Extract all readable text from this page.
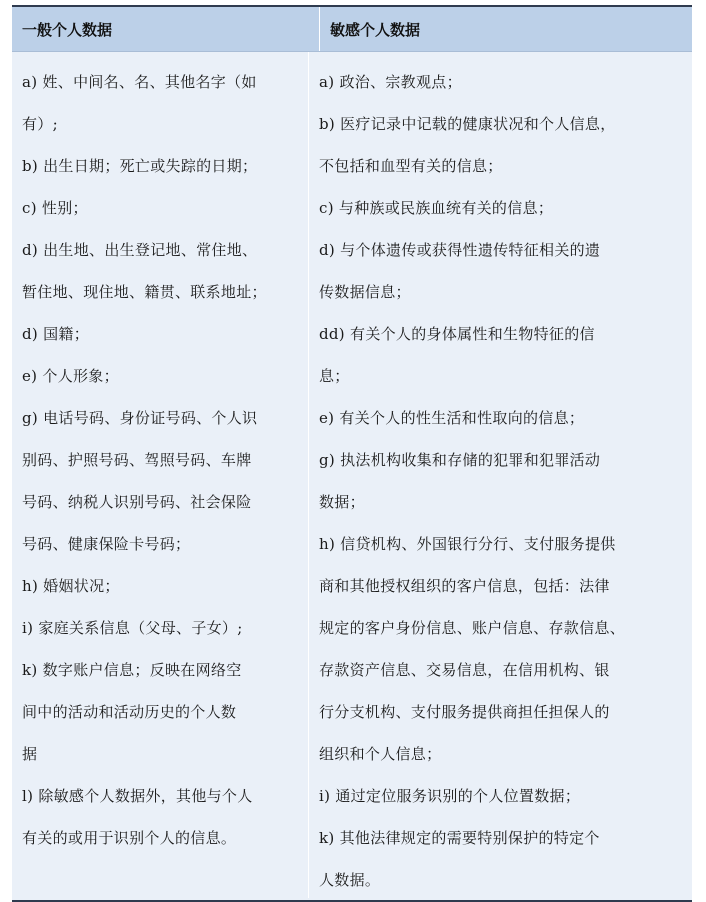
一般个人数据	敏感个人数据
a) 姓、中间名、名、其他名字（如
有）;
b) 出生日期；死亡或失踪的日期；
c) 性别；
d) 出生地、出生登记地、常住地、
暂住地、现住地、籍贯、联系地址；
d) 国籍；
e) 个人形象；
g) 电话号码、身份证号码、个人识
别码、护照号码、驾照号码、车牌
号码、纳税人识别号码、社会保险
号码、健康保险卡号码；
h) 婚姻状况；
i) 家庭关系信息（父母、子女）;
k) 数字账户信息；反映在网络空
间中的活动和活动历史的个人数
据
l) 除敏感个人数据外，其他与个人
有关的或用于识别个人的信息。
a) 政治、宗教观点；
b) 医疗记录中记载的健康状况和个人信息，
不包括和血型有关的信息；
c) 与种族或民族血统有关的信息；
d) 与个体遗传或获得性遗传特征相关的遗
传数据信息；
dd) 有关个人的身体属性和生物特征的信
息；
e) 有关个人的性生活和性取向的信息；
g) 执法机构收集和存储的犯罪和犯罪活动
数据；
h) 信贷机构、外国银行分行、支付服务提供
商和其他授权组织的客户信息，包括：法律
规定的客户身份信息、账户信息、存款信息、
存款资产信息、交易信息，在信用机构、银
行分支机构、支付服务提供商担任担保人的
组织和个人信息；
i) 通过定位服务识别的个人位置数据；
k) 其他法律规定的需要特别保护的特定个
人数据。
